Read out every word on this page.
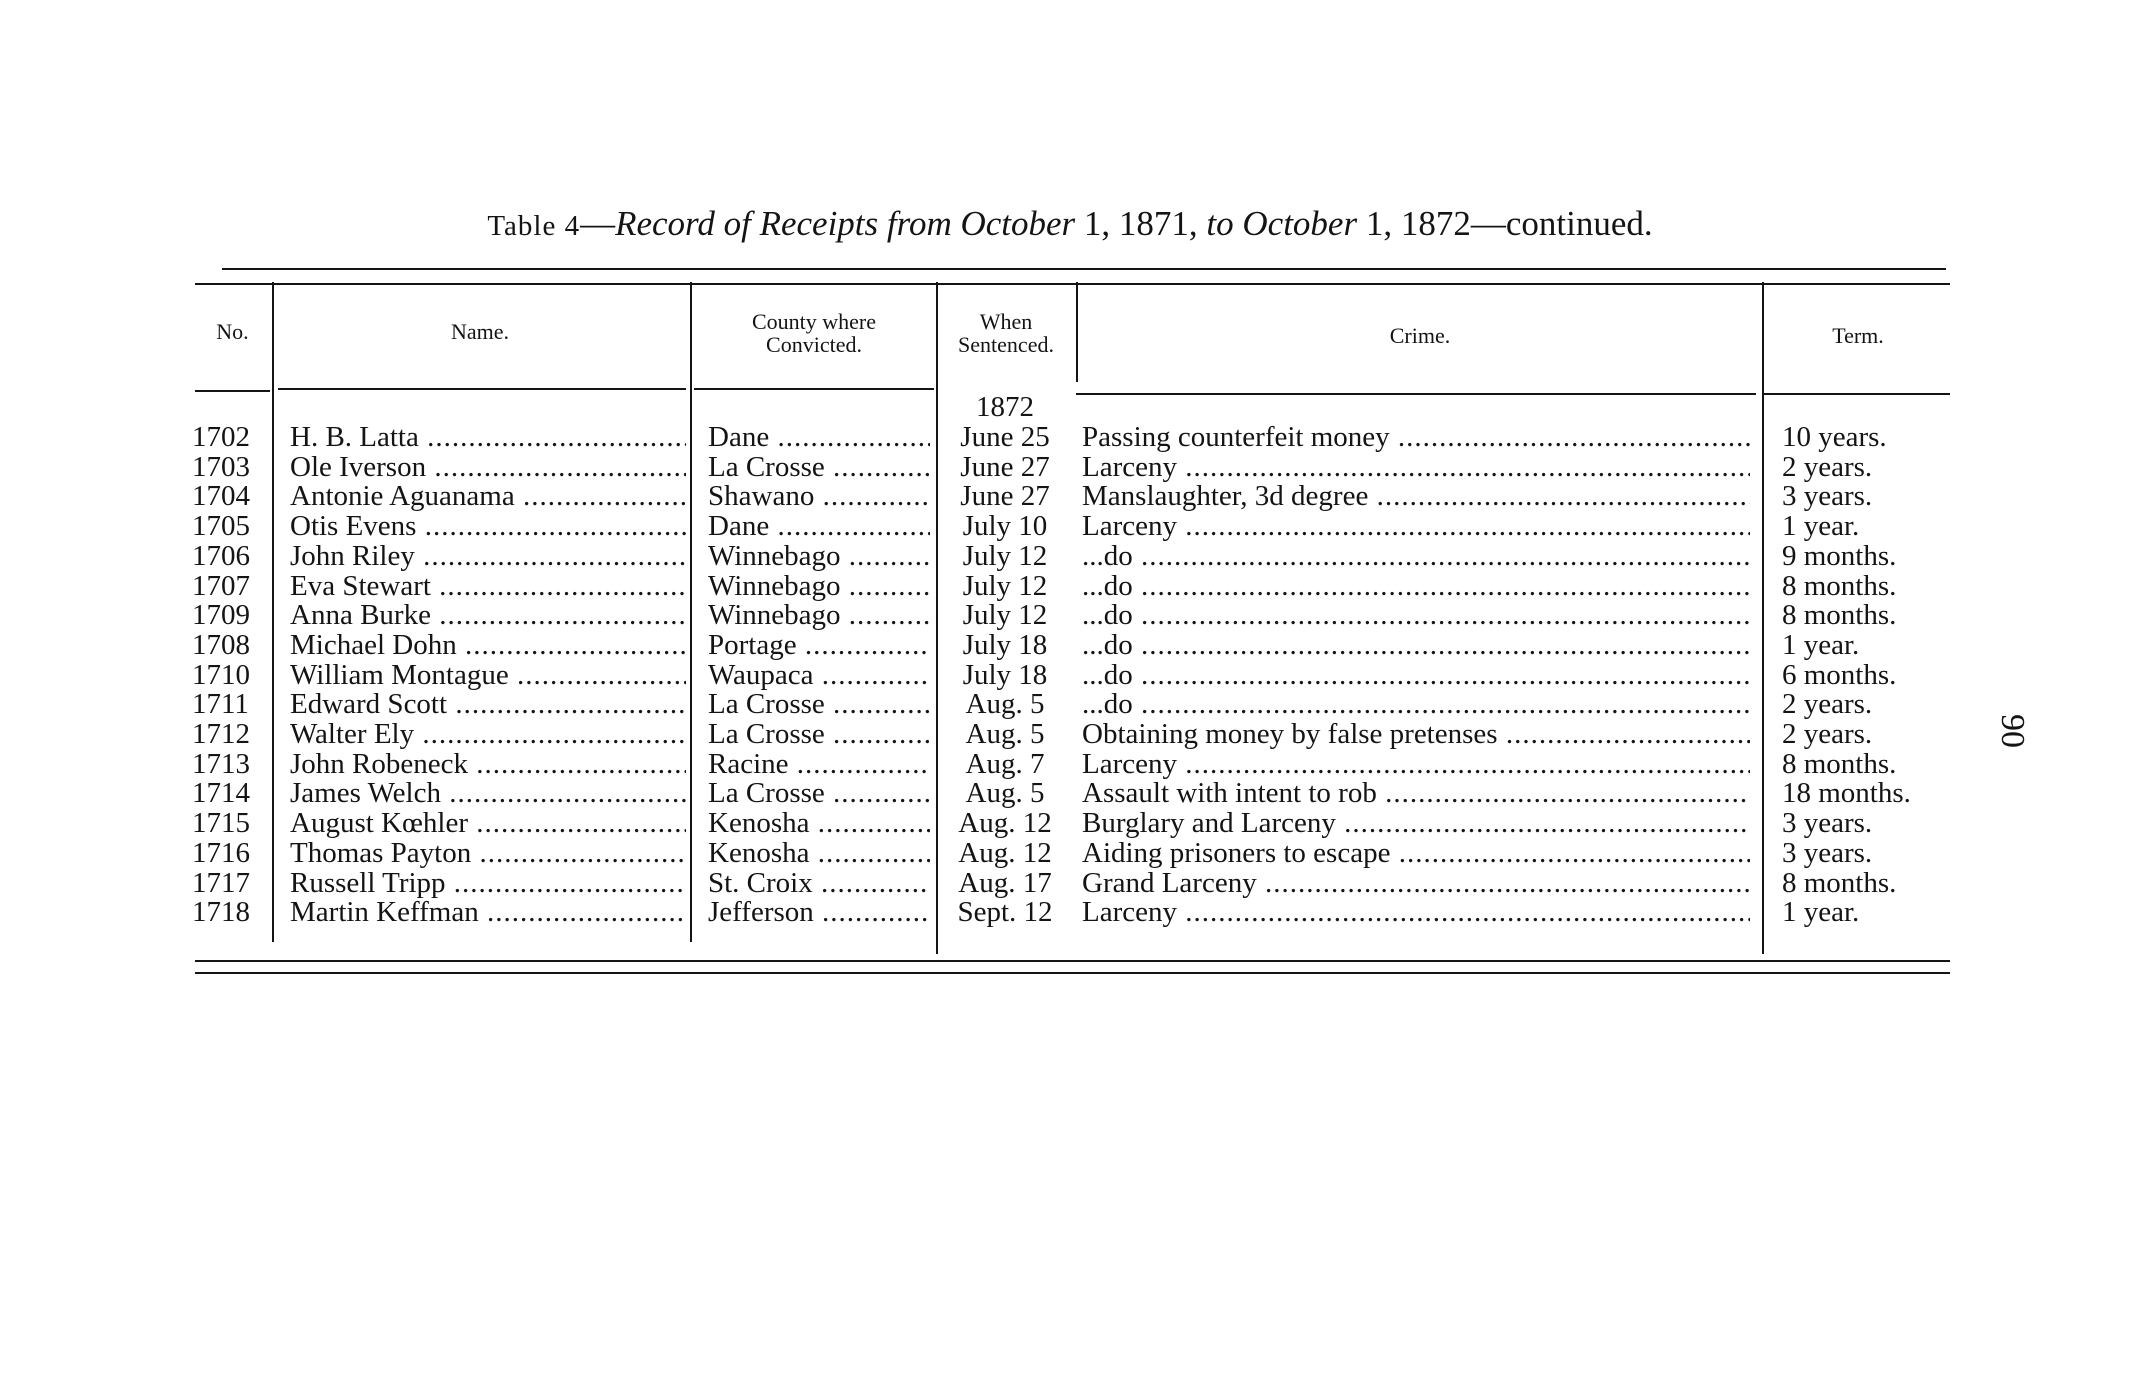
Table 4—Record of Receipts from October 1, 1871, to October 1, 1872—continued.
90
No.	Name.	County where
Convicted.
When
Sentenced.	Crime.	Term.
1872
1702	H. B. Latta .....	Dane .....	June 25	Passing counterfeit money .....	10 years.
1703	Ole Iverson .....	La Crosse .....	June 27	Larceny .....	2 years.
1704	Antonie Aguanama .....	Shawano .....	June 27	Manslaughter, 3d degree .....	3 years.
1705	Otis Evens .....	Dane .....	July 10	Larceny .....	1 year.
1706	John Riley .....	Winnebago .....	July 12	...do .....	9 months.
1707	Eva Stewart .....	Winnebago .....	July 12	...do .....	8 months.
1709	Anna Burke .....	Winnebago .....	July 12	...do .....	8 months.
1708	Michael Dohn .....	Portage .....	July 18	...do .....	1 year.
1710	William Montague .....	Waupaca .....	July 18	...do .....	6 months.
1711	Edward Scott .....	La Crosse .....	Aug. 5	...do .....	2 years.
1712	Walter Ely .....	La Crosse .....	Aug. 5	Obtaining money by false pretenses .....	2 years.
1713	John Robeneck .....	Racine .....	Aug. 7	Larceny .....	8 months.
1714	James Welch .....	La Crosse .....	Aug. 5	Assault with intent to rob .....	18 months.
1715	August Kœhler .....	Kenosha .....	Aug. 12	Burglary and Larceny .....	3 years.
1716	Thomas Payton .....	Kenosha .....	Aug. 12	Aiding prisoners to escape .....	3 years.
1717	Russell Tripp .....	St. Croix .....	Aug. 17	Grand Larceny .....	8 months.
1718	Martin Keffman .....	Jefferson .....	Sept. 12	Larceny .....	1 year.
